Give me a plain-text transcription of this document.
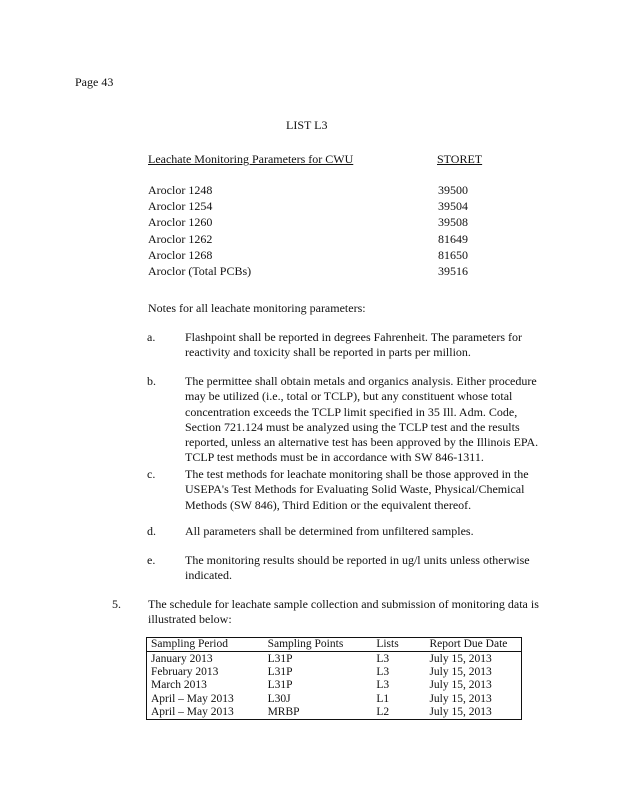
Page 43
LIST L3
Leachate Monitoring Parameters for CWU	STORET
Aroclor 1248	39500
Aroclor 1254	39504
Aroclor 1260	39508
Aroclor 1262	81649
Aroclor 1268	81650
Aroclor (Total PCBs)	39516
Notes for all leachate monitoring parameters:
a. Flashpoint shall be reported in degrees Fahrenheit. The parameters for reactivity and toxicity shall be reported in parts per million.
b. The permittee shall obtain metals and organics analysis. Either procedure may be utilized (i.e., total or TCLP), but any constituent whose total concentration exceeds the TCLP limit specified in 35 Ill. Adm. Code, Section 721.124 must be analyzed using the TCLP test and the results reported, unless an alternative test has been approved by the Illinois EPA. TCLP test methods must be in accordance with SW 846-1311.
c. The test methods for leachate monitoring shall be those approved in the USEPA's Test Methods for Evaluating Solid Waste, Physical/Chemical Methods (SW 846), Third Edition or the equivalent thereof.
d. All parameters shall be determined from unfiltered samples.
e. The monitoring results should be reported in ug/l units unless otherwise indicated.
5. The schedule for leachate sample collection and submission of monitoring data is illustrated below:
Sampling Period	Sampling Points	Lists	Report Due Date
January 2013	L31P	L3	July 15, 2013
February 2013	L31P	L3	July 15, 2013
March 2013	L31P	L3	July 15, 2013
April – May 2013	L30J	L1	July 15, 2013
April – May 2013	MRBP	L2	July 15, 2013
